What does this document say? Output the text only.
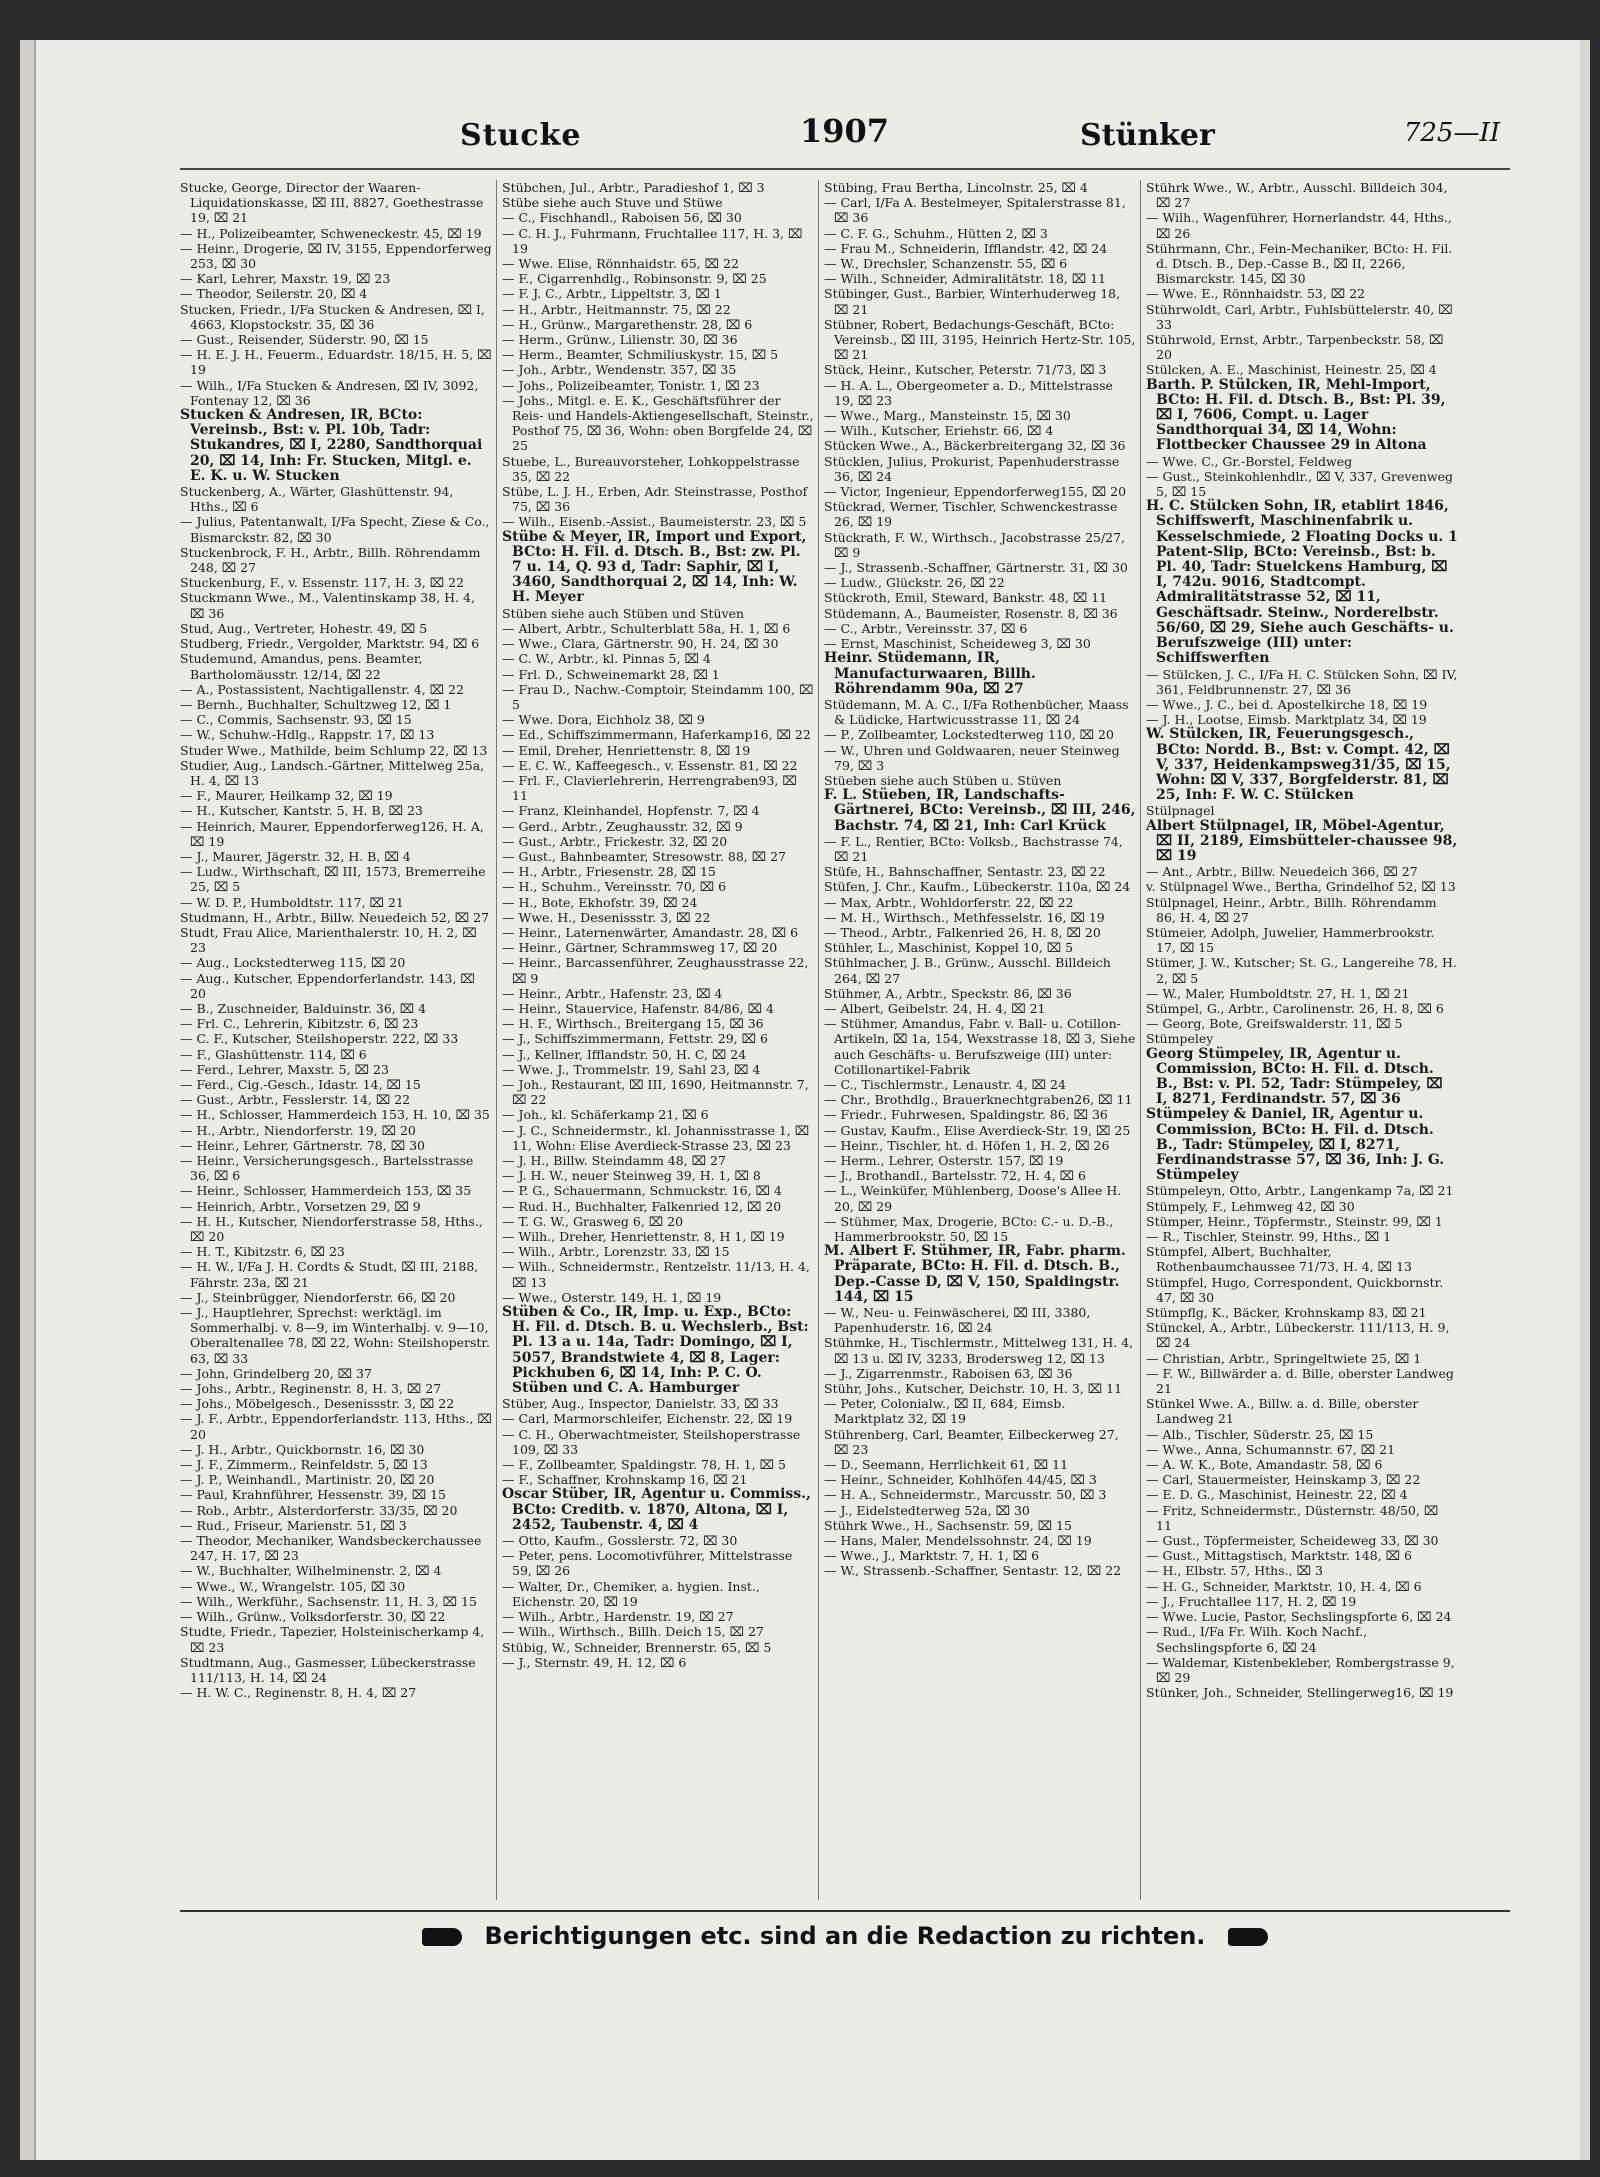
Stucke	1907	Stünker	725—II

Stucke, George, Director der Waaren-Liquidationskasse, ⌧ III, 8827, Goethestrasse 19, ⌧ 21

— H., Polizeibeamter, Schweneckestr. 45, ⌧ 19

— Heinr., Drogerie, ⌧ IV, 3155, Eppendorferweg 253, ⌧ 30

— Karl, Lehrer, Maxstr. 19, ⌧ 23

— Theodor, Seilerstr. 20, ⌧ 4

Stucken, Friedr., I/Fa Stucken & Andresen, ⌧ I, 4663, Klopstockstr. 35, ⌧ 36

— Gust., Reisender, Süderstr. 90, ⌧ 15

— H. E. J. H., Feuerm., Eduardstr. 18/15, H. 5, ⌧ 19

— Wilh., I/Fa Stucken & Andresen, ⌧ IV, 3092, Fontenay 12, ⌧ 36

Stucken & Andresen, IR, BCto: Vereinsb., Bst: v. Pl. 10b, Tadr: Stukandres, ⌧ I, 2280, Sandthorquai 20, ⌧ 14, Inh: Fr. Stucken, Mitgl. e. E. K. u. W. Stucken

Stuckenberg, A., Wärter, Glashüttenstr. 94, Hths., ⌧ 6

— Julius, Patentanwalt, I/Fa Specht, Ziese & Co., Bismarckstr. 82, ⌧ 30

Stuckenbrock, F. H., Arbtr., Billh. Röhrendamm 248, ⌧ 27

Stuckenburg, F., v. Essenstr. 117, H. 3, ⌧ 22

Stuckmann Wwe., M., Valentinskamp 38, H. 4, ⌧ 36

Stud, Aug., Vertreter, Hohestr. 49, ⌧ 5

Studberg, Friedr., Vergolder, Marktstr. 94, ⌧ 6

Studemund, Amandus, pens. Beamter, Bartholomäusstr. 12/14, ⌧ 22

— A., Postassistent, Nachtigallenstr. 4, ⌧ 22

— Bernh., Buchhalter, Schultzweg 12, ⌧ 1

— C., Commis, Sachsenstr. 93, ⌧ 15

— W., Schuhw.-Hdlg., Rappstr. 17, ⌧ 13

Studer Wwe., Mathilde, beim Schlump 22, ⌧ 13

Studier, Aug., Landsch.-Gärtner, Mittelweg 25a, H. 4, ⌧ 13

— F., Maurer, Heilkamp 32, ⌧ 19

— H., Kutscher, Kantstr. 5, H. B, ⌧ 23

— Heinrich, Maurer, Eppendorferweg126, H. A, ⌧ 19

— J., Maurer, Jägerstr. 32, H. B, ⌧ 4

— Ludw., Wirthschaft, ⌧ III, 1573, Bremerreihe 25, ⌧ 5

— W. D. P., Humboldtstr. 117, ⌧ 21

Studmann, H., Arbtr., Billw. Neuedeich 52, ⌧ 27

Studt, Frau Alice, Marienthalerstr. 10, H. 2, ⌧ 23

— Aug., Lockstedterweg 115, ⌧ 20

— Aug., Kutscher, Eppendorferlandstr. 143, ⌧ 20

— B., Zuschneider, Balduinstr. 36, ⌧ 4

— Frl. C., Lehrerin, Kibitzstr. 6, ⌧ 23

— C. F., Kutscher, Steilshoperstr. 222, ⌧ 33

— F., Glashüttenstr. 114, ⌧ 6

— Ferd., Lehrer, Maxstr. 5, ⌧ 23

— Ferd., Cig.-Gesch., Idastr. 14, ⌧ 15

— Gust., Arbtr., Fesslerstr. 14, ⌧ 22

— H., Schlosser, Hammerdeich 153, H. 10, ⌧ 35

— H., Arbtr., Niendorferstr. 19, ⌧ 20

— Heinr., Lehrer, Gärtnerstr. 78, ⌧ 30

— Heinr., Versicherungsgesch., Bartelsstrasse 36, ⌧ 6

— Heinr., Schlosser, Hammerdeich 153, ⌧ 35

— Heinrich, Arbtr., Vorsetzen 29, ⌧ 9

— H. H., Kutscher, Niendorferstrasse 58, Hths., ⌧ 20

— H. T., Kibitzstr. 6, ⌧ 23

— H. W., I/Fa J. H. Cordts & Studt, ⌧ III, 2188, Fährstr. 23a, ⌧ 21

— J., Steinbrügger, Niendorferstr. 66, ⌧ 20

— J., Hauptlehrer, Sprechst: werktägl. im Sommerhalbj. v. 8—9, im Winterhalbj. v. 9—10, Oberaltenallee 78, ⌧ 22, Wohn: Steilshoperstr. 63, ⌧ 33

— John, Grindelberg 20, ⌧ 37

— Johs., Arbtr., Reginenstr. 8, H. 3, ⌧ 27

— Johs., Möbelgesch., Desenissstr. 3, ⌧ 22

— J. F., Arbtr., Eppendorferlandstr. 113, Hths., ⌧ 20

— J. H., Arbtr., Quickbornstr. 16, ⌧ 30

— J. F., Zimmerm., Reinfeldstr. 5, ⌧ 13

— J. P., Weinhandl., Martinistr. 20, ⌧ 20

— Paul, Krahnführer, Hessenstr. 39, ⌧ 15

— Rob., Arbtr., Alsterdorferstr. 33/35, ⌧ 20

— Rud., Friseur, Marienstr. 51, ⌧ 3

— Theodor, Mechaniker, Wandsbeckerchaussee 247, H. 17, ⌧ 23

— W., Buchhalter, Wilhelminenstr. 2, ⌧ 4

— Wwe., W., Wrangelstr. 105, ⌧ 30

— Wilh., Werkführ., Sachsenstr. 11, H. 3, ⌧ 15

— Wilh., Grünw., Volksdorferstr. 30, ⌧ 22

Studte, Friedr., Tapezier, Holsteinischerkamp 4, ⌧ 23

Studtmann, Aug., Gasmesser, Lübeckerstrasse 111/113, H. 14, ⌧ 24

— H. W. C., Reginenstr. 8, H. 4, ⌧ 27

Stübchen, Jul., Arbtr., Paradieshof 1, ⌧ 3

Stübe siehe auch Stuve und Stüwe

— C., Fischhandl., Raboisen 56, ⌧ 30

— C. H. J., Fuhrmann, Fruchtallee 117, H. 3, ⌧ 19

— Wwe. Elise, Rönnhaidstr. 65, ⌧ 22

— F., Cigarrenhdlg., Robinsonstr. 9, ⌧ 25

— F. J. C., Arbtr., Lippeltstr. 3, ⌧ 1

— H., Arbtr., Heitmannstr. 75, ⌧ 22

— H., Grünw., Margarethenstr. 28, ⌧ 6

— Herm., Grünw., Lilienstr. 30, ⌧ 36

— Herm., Beamter, Schmiliuskystr. 15, ⌧ 5

— Joh., Arbtr., Wendenstr. 357, ⌧ 35

— Johs., Polizeibeamter, Tonistr. 1, ⌧ 23

— Johs., Mitgl. e. E. K., Geschäftsführer der Reis- und Handels-Aktiengesellschaft, Steinstr., Posthof 75, ⌧ 36, Wohn: oben Borgfelde 24, ⌧ 25

Stuebe, L., Bureauvorsteher, Lohkoppelstrasse 35, ⌧ 22

Stübe, L. J. H., Erben, Adr. Steinstrasse, Posthof 75, ⌧ 36

— Wilh., Eisenb.-Assist., Baumeisterstr. 23, ⌧ 5

Stübe & Meyer, IR, Import und Export, BCto: H. Fil. d. Dtsch. B., Bst: zw. Pl. 7 u. 14, Q. 93 d, Tadr: Saphir, ⌧ I, 3460, Sandthorquai 2, ⌧ 14, Inh: W. H. Meyer

Stüben siehe auch Stüben und Stüven

— Albert, Arbtr., Schulterblatt 58a, H. 1, ⌧ 6

— Wwe., Clara, Gärtnerstr. 90, H. 24, ⌧ 30

— C. W., Arbtr., kl. Pinnas 5, ⌧ 4

— Frl. D., Schweinemarkt 28, ⌧ 1

— Frau D., Nachw.-Comptoir, Steindamm 100, ⌧ 5

— Wwe. Dora, Eichholz 38, ⌧ 9

— Ed., Schiffszimmermann, Haferkamp16, ⌧ 22

— Emil, Dreher, Henriettenstr. 8, ⌧ 19

— E. C. W., Kaffeegesch., v. Essenstr. 81, ⌧ 22

— Frl. F., Clavierlehrerin, Herrengraben93, ⌧ 11

— Franz, Kleinhandel, Hopfenstr. 7, ⌧ 4

— Gerd., Arbtr., Zeughausstr. 32, ⌧ 9

— Gust., Arbtr., Frickestr. 32, ⌧ 20

— Gust., Bahnbeamter, Stresowstr. 88, ⌧ 27

— H., Arbtr., Friesenstr. 28, ⌧ 15

— H., Schuhm., Vereinsstr. 70, ⌧ 6

— H., Bote, Ekhofstr. 39, ⌧ 24

— Wwe. H., Desenissstr. 3, ⌧ 22

— Heinr., Laternenwärter, Amandastr. 28, ⌧ 6

— Heinr., Gärtner, Schrammsweg 17, ⌧ 20

— Heinr., Barcassenführer, Zeughausstrasse 22, ⌧ 9

— Heinr., Arbtr., Hafenstr. 23, ⌧ 4

— Heinr., Stauervice, Hafenstr. 84/86, ⌧ 4

— H. F., Wirthsch., Breitergang 15, ⌧ 36

— J., Schiffszimmermann, Fettstr. 29, ⌧ 6

— J., Kellner, Ifflandstr. 50, H. C, ⌧ 24

— Wwe. J., Trommelstr. 19, Sahl 23, ⌧ 4

— Joh., Restaurant, ⌧ III, 1690, Heitmannstr. 7, ⌧ 22

— Joh., kl. Schäferkamp 21, ⌧ 6

— J. C., Schneidermstr., kl. Johannisstrasse 1, ⌧ 11, Wohn: Elise Averdieck-Strasse 23, ⌧ 23

— J. H., Billw. Steindamm 48, ⌧ 27

— J. H. W., neuer Steinweg 39, H. 1, ⌧ 8

— P. G., Schauermann, Schmuckstr. 16, ⌧ 4

— Rud. H., Buchhalter, Falkenried 12, ⌧ 20

— T. G. W., Grasweg 6, ⌧ 20

— Wilh., Dreher, Henriettenstr. 8, H 1, ⌧ 19

— Wilh., Arbtr., Lorenzstr. 33, ⌧ 15

— Wilh., Schneidermstr., Rentzelstr. 11/13, H. 4, ⌧ 13

— Wwe., Osterstr. 149, H. 1, ⌧ 19

Stüben & Co., IR, Imp. u. Exp., BCto: H. Fil. d. Dtsch. B. u. Wechslerb., Bst: Pl. 13 a u. 14a, Tadr: Domingo, ⌧ I, 5057, Brandstwiete 4, ⌧ 8, Lager: Pickhuben 6, ⌧ 14, Inh: P. C. O. Stüben und C. A. Hamburger

Stüber, Aug., Inspector, Danielstr. 33, ⌧ 33

— Carl, Marmorschleifer, Eichenstr. 22, ⌧ 19

— C. H., Oberwachtmeister, Steilshoperstrasse 109, ⌧ 33

— F., Zollbeamter, Spaldingstr. 78, H. 1, ⌧ 5

— F., Schaffner, Krohnskamp 16, ⌧ 21

Oscar Stüber, IR, Agentur u. Commiss., BCto: Creditb. v. 1870, Altona, ⌧ I, 2452, Taubenstr. 4, ⌧ 4

— Otto, Kaufm., Gosslerstr. 72, ⌧ 30

— Peter, pens. Locomotivführer, Mittelstrasse 59, ⌧ 26

— Walter, Dr., Chemiker, a. hygien. Inst., Eichenstr. 20, ⌧ 19

— Wilh., Arbtr., Hardenstr. 19, ⌧ 27

— Wilh., Wirthsch., Billh. Deich 15, ⌧ 27

Stübig, W., Schneider, Brennerstr. 65, ⌧ 5

— J., Sternstr. 49, H. 12, ⌧ 6

Stübing, Frau Bertha, Lincolnstr. 25, ⌧ 4

— Carl, I/Fa A. Bestelmeyer, Spitalerstrasse 81, ⌧ 36

— C. F. G., Schuhm., Hütten 2, ⌧ 3

— Frau M., Schneiderin, Ifflandstr. 42, ⌧ 24

— W., Drechsler, Schanzenstr. 55, ⌧ 6

— Wilh., Schneider, Admiralitätstr. 18, ⌧ 11

Stübinger, Gust., Barbier, Winterhuderweg 18, ⌧ 21

Stübner, Robert, Bedachungs-Geschäft, BCto: Vereinsb., ⌧ III, 3195, Heinrich Hertz-Str. 105, ⌧ 21

Stück, Heinr., Kutscher, Peterstr. 71/73, ⌧ 3

— H. A. L., Obergeometer a. D., Mittelstrasse 19, ⌧ 23

— Wwe., Marg., Mansteinstr. 15, ⌧ 30

— Wilh., Kutscher, Eriehstr. 66, ⌧ 4

Stücken Wwe., A., Bäckerbreitergang 32, ⌧ 36

Stücklen, Julius, Prokurist, Papenhuderstrasse 36, ⌧ 24

— Victor, Ingenieur, Eppendorferweg155, ⌧ 20

Stückrad, Werner, Tischler, Schwenckestrasse 26, ⌧ 19

Stückrath, F. W., Wirthsch., Jacobstrasse 25/27, ⌧ 9

— J., Strassenb.-Schaffner, Gärtnerstr. 31, ⌧ 30

— Ludw., Glückstr. 26, ⌧ 22

Stückroth, Emil, Steward, Bankstr. 48, ⌧ 11

Stüdemann, A., Baumeister, Rosenstr. 8, ⌧ 36

— C., Arbtr., Vereinsstr. 37, ⌧ 6

— Ernst, Maschinist, Scheideweg 3, ⌧ 30

Heinr. Stüdemann, IR, Manufacturwaaren, Billh. Röhrendamm 90a, ⌧ 27

Stüdemann, M. A. C., I/Fa Rothenbücher, Maass & Lüdicke, Hartwicusstrasse 11, ⌧ 24

— P., Zollbeamter, Lockstedterweg 110, ⌧ 20

— W., Uhren und Goldwaaren, neuer Steinweg 79, ⌧ 3

Stüeben siehe auch Stüben u. Stüven

F. L. Stüeben, IR, Landschafts-Gärtnerei, BCto: Vereinsb., ⌧ III, 246, Bachstr. 74, ⌧ 21, Inh: Carl Krück

— F. L., Rentier, BCto: Volksb., Bachstrasse 74, ⌧ 21

Stüfe, H., Bahnschaffner, Sentastr. 23, ⌧ 22

Stüfen, J. Chr., Kaufm., Lübeckerstr. 110a, ⌧ 24

— Max, Arbtr., Wohldorferstr. 22, ⌧ 22

— M. H., Wirthsch., Methfesselstr. 16, ⌧ 19

— Theod., Arbtr., Falkenried 26, H. 8, ⌧ 20

Stühler, L., Maschinist, Koppel 10, ⌧ 5

Stühlmacher, J. B., Grünw., Ausschl. Billdeich 264, ⌧ 27

Stühmer, A., Arbtr., Speckstr. 86, ⌧ 36

— Albert, Geibelstr. 24, H. 4, ⌧ 21

— Stühmer, Amandus, Fabr. v. Ball- u. Cotillon-Artikeln, ⌧ 1a, 154, Wexstrasse 18, ⌧ 3, Siehe auch Geschäfts- u. Berufszweige (III) unter: Cotillonartikel-Fabrik

— C., Tischlermstr., Lenaustr. 4, ⌧ 24

— Chr., Brothdlg., Brauerknechtgraben26, ⌧ 11

— Friedr., Fuhrwesen, Spaldingstr. 86, ⌧ 36

— Gustav, Kaufm., Elise Averdieck-Str. 19, ⌧ 25

— Heinr., Tischler, ht. d. Höfen 1, H. 2, ⌧ 26

— Herm., Lehrer, Osterstr. 157, ⌧ 19

— J., Brothandl., Bartelsstr. 72, H. 4, ⌧ 6

— L., Weinküfer, Mühlenberg, Doose's Allee H. 20, ⌧ 29

— Stühmer, Max, Drogerie, BCto: C.- u. D.-B., Hammerbrookstr. 50, ⌧ 15

M. Albert F. Stühmer, IR, Fabr. pharm. Präparate, BCto: H. Fil. d. Dtsch. B., Dep.-Casse D, ⌧ V, 150, Spaldingstr. 144, ⌧ 15

— W., Neu- u. Feinwäscherei, ⌧ III, 3380, Papenhuderstr. 16, ⌧ 24

Stühmke, H., Tischlermstr., Mittelweg 131, H. 4, ⌧ 13 u. ⌧ IV, 3233, Brodersweg 12, ⌧ 13

— J., Zigarrenmstr., Raboisen 63, ⌧ 36

Stühr, Johs., Kutscher, Deichstr. 10, H. 3, ⌧ 11

— Peter, Colonialw., ⌧ II, 684, Eimsb. Marktplatz 32, ⌧ 19

Stührenberg, Carl, Beamter, Eilbeckerweg 27, ⌧ 23

— D., Seemann, Herrlichkeit 61, ⌧ 11

— Heinr., Schneider, Kohlhöfen 44/45, ⌧ 3

— H. A., Schneidermstr., Marcusstr. 50, ⌧ 3

— J., Eidelstedterweg 52a, ⌧ 30

Stührk Wwe., H., Sachsenstr. 59, ⌧ 15

— Hans, Maler, Mendelssohnstr. 24, ⌧ 19

— Wwe., J., Marktstr. 7, H. 1, ⌧ 6

— W., Strassenb.-Schaffner, Sentastr. 12, ⌧ 22

Stührk Wwe., W., Arbtr., Ausschl. Billdeich 304, ⌧ 27

— Wilh., Wagenführer, Hornerlandstr. 44, Hths., ⌧ 26

Stührmann, Chr., Fein-Mechaniker, BCto: H. Fil. d. Dtsch. B., Dep.-Casse B., ⌧ II, 2266, Bismarckstr. 145, ⌧ 30

— Wwe. E., Rönnhaidstr. 53, ⌧ 22

Stührwoldt, Carl, Arbtr., Fuhlsbüttelerstr. 40, ⌧ 33

Stührwold, Ernst, Arbtr., Tarpenbeckstr. 58, ⌧ 20

Stülcken, A. E., Maschinist, Heinestr. 25, ⌧ 4

Barth. P. Stülcken, IR, Mehl-Import, BCto: H. Fil. d. Dtsch. B., Bst: Pl. 39, ⌧ I, 7606, Compt. u. Lager Sandthorquai 34, ⌧ 14, Wohn: Flottbecker Chaussee 29 in Altona

— Wwe. C., Gr.-Borstel, Feldweg

— Gust., Steinkohlenhdlr., ⌧ V, 337, Grevenweg 5, ⌧ 15

H. C. Stülcken Sohn, IR, etablirt 1846, Schiffswerft, Maschinenfabrik u. Kesselschmiede, 2 Floating Docks u. 1 Patent-Slip, BCto: Vereinsb., Bst: b. Pl. 40, Tadr: Stuelckens Hamburg, ⌧ I, 742u. 9016, Stadtcompt. Admiralitätstrasse 52, ⌧ 11, Geschäftsadr. Steinw., Norderelbstr. 56/60, ⌧ 29, Siehe auch Geschäfts- u. Berufszweige (III) unter: Schiffswerften

— Stülcken, J. C., I/Fa H. C. Stülcken Sohn, ⌧ IV, 361, Feldbrunnenstr. 27, ⌧ 36

— Wwe., J. C., bei d. Apostelkirche 18, ⌧ 19

— J. H., Lootse, Eimsb. Marktplatz 34, ⌧ 19

W. Stülcken, IR, Feuerungsgesch., BCto: Nordd. B., Bst: v. Compt. 42, ⌧ V, 337, Heidenkampsweg31/35, ⌧ 15, Wohn: ⌧ V, 337, Borgfelderstr. 81, ⌧ 25, Inh: F. W. C. Stülcken

Stülpnagel

Albert Stülpnagel, IR, Möbel-Agentur, ⌧ II, 2189, Eimsbütteler-chaussee 98, ⌧ 19

— Ant., Arbtr., Billw. Neuedeich 366, ⌧ 27

v. Stülpnagel Wwe., Bertha, Grindelhof 52, ⌧ 13

Stülpnagel, Heinr., Arbtr., Billh. Röhrendamm 86, H. 4, ⌧ 27

Stümeier, Adolph, Juwelier, Hammerbrookstr. 17, ⌧ 15

Stümer, J. W., Kutscher; St. G., Langereihe 78, H. 2, ⌧ 5

— W., Maler, Humboldtstr. 27, H. 1, ⌧ 21

Stümpel, G., Arbtr., Carolinenstr. 26, H. 8, ⌧ 6

— Georg, Bote, Greifswalderstr. 11, ⌧ 5

Stümpeley

Georg Stümpeley, IR, Agentur u. Commission, BCto: H. Fil. d. Dtsch. B., Bst: v. Pl. 52, Tadr: Stümpeley, ⌧ I, 8271, Ferdinandstr. 57, ⌧ 36

Stümpeley & Daniel, IR, Agentur u. Commission, BCto: H. Fil. d. Dtsch. B., Tadr: Stümpeley, ⌧ I, 8271, Ferdinandstrasse 57, ⌧ 36, Inh: J. G. Stümpeley

Stümpeleyn, Otto, Arbtr., Langenkamp 7a, ⌧ 21

Stümpely, F., Lehmweg 42, ⌧ 30

Stümper, Heinr., Töpfermstr., Steinstr. 99, ⌧ 1

— R., Tischler, Steinstr. 99, Hths., ⌧ 1

Stümpfel, Albert, Buchhalter, Rothenbaumchaussee 71/73, H. 4, ⌧ 13

Stümpfel, Hugo, Correspondent, Quickbornstr. 47, ⌧ 30

Stümpflg, K., Bäcker, Krohnskamp 83, ⌧ 21

Stünckel, A., Arbtr., Lübeckerstr. 111/113, H. 9, ⌧ 24

— Christian, Arbtr., Springeltwiete 25, ⌧ 1

— F. W., Billwärder a. d. Bille, oberster Landweg 21

Stünkel Wwe. A., Billw. a. d. Bille, oberster Landweg 21

— Alb., Tischler, Süderstr. 25, ⌧ 15

— Wwe., Anna, Schumannstr. 67, ⌧ 21

— A. W. K., Bote, Amandastr. 58, ⌧ 6

— Carl, Stauermeister, Heinskamp 3, ⌧ 22

— E. D. G., Maschinist, Heinestr. 22, ⌧ 4

— Fritz, Schneidermstr., Düsternstr. 48/50, ⌧ 11

— Gust., Töpfermeister, Scheideweg 33, ⌧ 30

— Gust., Mittagstisch, Marktstr. 148, ⌧ 6

— H., Elbstr. 57, Hths., ⌧ 3

— H. G., Schneider, Marktstr. 10, H. 4, ⌧ 6

— J., Fruchtallee 117, H. 2, ⌧ 19

— Wwe. Lucie, Pastor, Sechslingspforte 6, ⌧ 24

— Rud., I/Fa Fr. Wilh. Koch Nachf., Sechslingspforte 6, ⌧ 24

— Waldemar, Kistenbekleber, Rombergstrasse 9, ⌧ 29

Stünker, Joh., Schneider, Stellingerweg16, ⌧ 19

Berichtigungen etc. sind an die Redaction zu richten.
